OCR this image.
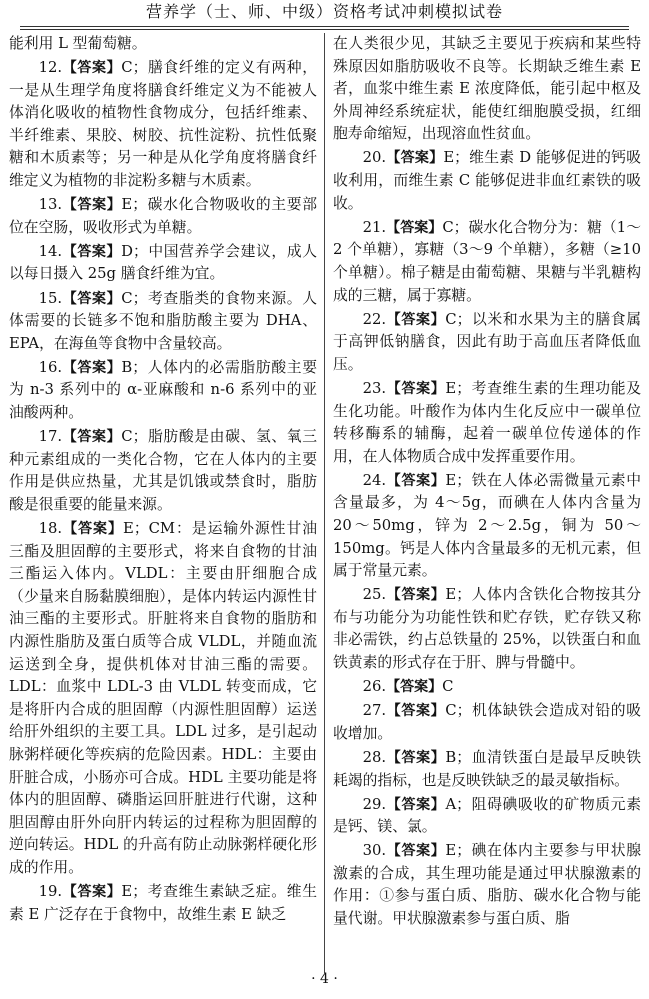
营养学（士、师、中级）资格考试冲刺模拟试卷

能利用 L 型葡萄糖。

12.【答案】C；膳食纤维的定义有两种，一是从生理学角度将膳食纤维定义为不能被人体消化吸收的植物性食物成分，包括纤维素、半纤维素、果胶、树胶、抗性淀粉、抗性低聚糖和木质素等；另一种是从化学角度将膳食纤维定义为植物的非淀粉多糖与木质素。

13.【答案】E；碳水化合物吸收的主要部位在空肠，吸收形式为单糖。

14.【答案】D；中国营养学会建议，成人以每日摄入 25g 膳食纤维为宜。

15.【答案】C；考查脂类的食物来源。人体需要的长链多不饱和脂肪酸主要为 DHA、EPA，在海鱼等食物中含量较高。

16.【答案】B；人体内的必需脂肪酸主要为 n-3 系列中的 α-亚麻酸和 n-6 系列中的亚油酸两种。

17.【答案】C；脂肪酸是由碳、氢、氧三种元素组成的一类化合物，它在人体内的主要作用是供应热量，尤其是饥饿或禁食时，脂肪酸是很重要的能量来源。

18.【答案】E；CM：是运输外源性甘油三酯及胆固醇的主要形式，将来自食物的甘油三酯运入体内。VLDL：主要由肝细胞合成（少量来自肠黏膜细胞），是体内转运内源性甘油三酯的主要形式。肝脏将来自食物的脂肪和内源性脂肪及蛋白质等合成 VLDL，并随血流运送到全身，提供机体对甘油三酯的需要。LDL：血浆中 LDL-3 由 VLDL 转变而成，它是将肝内合成的胆固醇（内源性胆固醇）运送给肝外组织的主要工具。LDL 过多，是引起动脉粥样硬化等疾病的危险因素。HDL：主要由肝脏合成，小肠亦可合成。HDL 主要功能是将体内的胆固醇、磷脂运回肝脏进行代谢，这种胆固醇由肝外向肝内转运的过程称为胆固醇的逆向转运。HDL 的升高有防止动脉粥样硬化形成的作用。

19.【答案】E；考查维生素缺乏症。维生素 E 广泛存在于食物中，故维生素 E 缺乏

在人类很少见，其缺乏主要见于疾病和某些特殊原因如脂肪吸收不良等。长期缺乏维生素 E 者，血浆中维生素 E 浓度降低，能引起中枢及外周神经系统症状，能使红细胞膜受损，红细胞寿命缩短，出现溶血性贫血。

20.【答案】E；维生素 D 能够促进的钙吸收利用，而维生素 C 能够促进非血红素铁的吸收。

21.【答案】C；碳水化合物分为：糖（1～2 个单糖），寡糖（3～9 个单糖），多糖（≥10 个单糖）。棉子糖是由葡萄糖、果糖与半乳糖构成的三糖，属于寡糖。

22.【答案】C；以米和水果为主的膳食属于高钾低钠膳食，因此有助于高血压者降低血压。

23.【答案】E；考查维生素的生理功能及生化功能。叶酸作为体内生化反应中一碳单位转移酶系的辅酶，起着一碳单位传递体的作用，在人体物质合成中发挥重要作用。

24.【答案】E；铁在人体必需微量元素中含量最多，为 4～5g，而碘在人体内含量为 20～50mg，锌为 2～2.5g，铜为 50～150mg。钙是人体内含量最多的无机元素，但属于常量元素。

25.【答案】E；人体内含铁化合物按其分布与功能分为功能性铁和贮存铁，贮存铁又称非必需铁，约占总铁量的 25%，以铁蛋白和血铁黄素的形式存在于肝、脾与骨髓中。

26.【答案】C

27.【答案】C；机体缺铁会造成对铅的吸收增加。

28.【答案】B；血清铁蛋白是最早反映铁耗竭的指标，也是反映铁缺乏的最灵敏指标。

29.【答案】A；阻碍碘吸收的矿物质元素是钙、镁、氯。

30.【答案】E；碘在体内主要参与甲状腺激素的合成，其生理功能是通过甲状腺激素的作用：①参与蛋白质、脂肪、碳水化合物与能量代谢。甲状腺激素参与蛋白质、脂

· 4 ·
